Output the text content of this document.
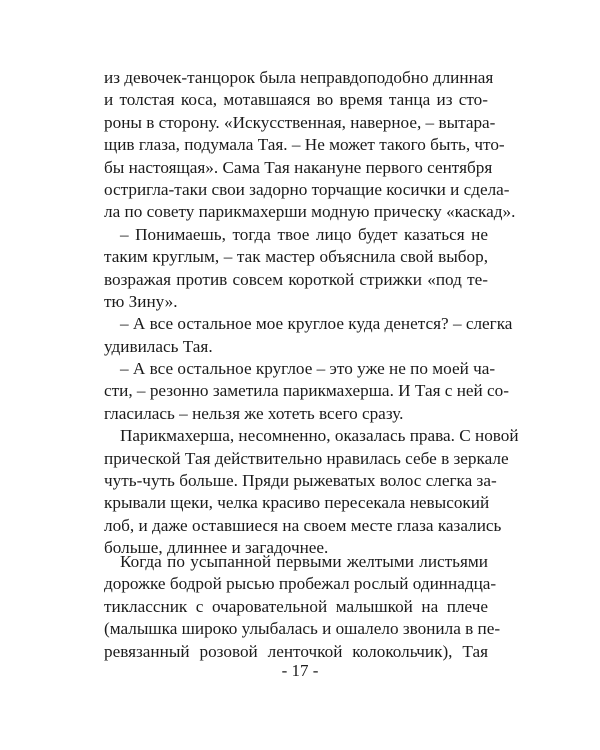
из девочек-танцорок была неправдоподобно длинная
и толстая коса, мотавшаяся во время танца из сто-
роны в сторону. «Искусственная, наверное, – вытара-
щив глаза, подумала Тая. – Не может такого быть, что-
бы настоящая». Сама Тая накануне первого сентября
остригла-таки свои задорно торчащие косички и сдела-
ла по совету парикмахерши модную прическу «каскад».
– Понимаешь, тогда твое лицо будет казаться не
таким круглым, – так мастер объяснила свой выбор,
возражая против совсем короткой стрижки «под те-
тю Зину».
– А все остальное мое круглое куда денется? – слегка
удивилась Тая.
– А все остальное круглое – это уже не по моей ча-
сти, – резонно заметила парикмахерша. И Тая с ней со-
гласилась – нельзя же хотеть всего сразу.
Парикмахерша, несомненно, оказалась права. С новой
прической Тая действительно нравилась себе в зеркале
чуть-чуть больше. Пряди рыжеватых волос слегка за-
крывали щеки, челка красиво пересекала невысокий
лоб, и даже оставшиеся на своем месте глаза казались
больше, длиннее и загадочнее.
Когда по усыпанной первыми желтыми листьями
дорожке бодрой рысью пробежал рослый одиннадца-
тиклассник с очаровательной малышкой на плече
(малышка широко улыбалась и ошалело звонила в пе-
ревязанный розовой ленточкой колокольчик), Тая
- 17 -
